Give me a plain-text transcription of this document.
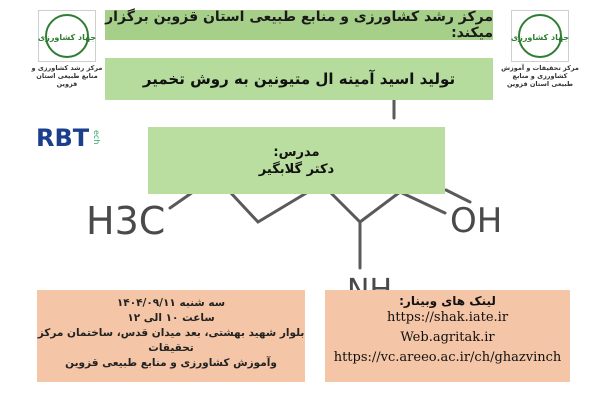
H3C	OH
جهاد کشاورزی
مرکز رشد کشاورزی و منابع طبیعی استان قزوین
جهاد کشاورزی
مرکز تحقیقات و آموزش کشاورزی و منابع طبیعی استان قزوین
RBT ech
مرکز رشد کشاورزی و منابع طبیعی استان قزوین برگزار میکند:
تولید اسید آمینه ال متیونین به روش تخمیر
مدرس:
دکتر گلابگیر
سه شنبه ۱۴۰۴/۰۹/۱۱
ساعت ۱۰ الی ۱۲
بلوار شهید بهشتی، بعد میدان قدس، ساختمان مرکز تحقیقات
وآموزش کشاورزی و منابع طبیعی قزوین
لینک های وبینار:
https://shak.iate.ir
Web.agritak.ir
https://vc.areeo.ac.ir/ch/ghazvinch
